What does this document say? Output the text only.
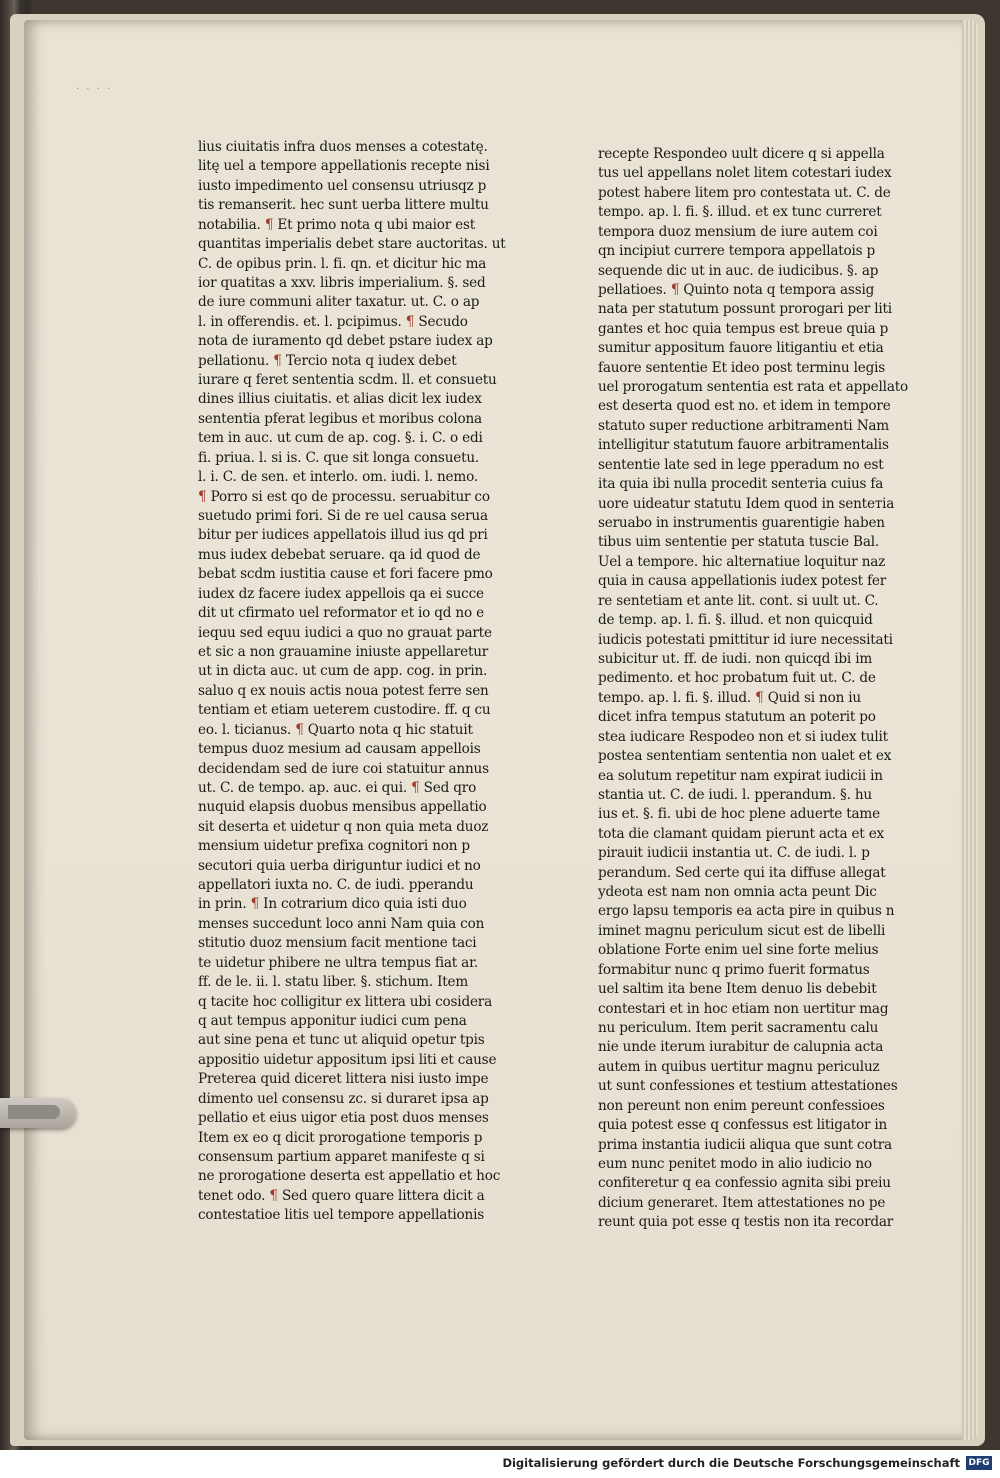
· · · ·
lius ciuitatis infra duos menses a cotestatę.
litę uel a tempore appellationis recepte nisi
iusto impedimento uel consensu utriusqz p
tis remanserit. hec sunt uerba littere multu
notabilia. ¶ Et primo nota q ubi maior est
quantitas imperialis debet stare auctoritas. ut
C. de opibus prin. l. fi. qn. et dicitur hic ma
ior quatitas a xxv. libris imperialium. §. sed
de iure communi aliter taxatur. ut. C. o ap
l. in offerendis. et. l. pcipimus. ¶ Secudo
nota de iuramento qd debet pstare iudex ap
pellationu. ¶ Tercio nota q iudex debet
iurare q feret sententia scdm. ll. et consuetu
dines illius ciuitatis. et alias dicit lex iudex
sententia pferat legibus et moribus colona
tem in auc. ut cum de ap. cog. §. i. C. o edi
fi. priua. l. si is. C. que sit longa consuetu.
l. i. C. de sen. et interlo. om. iudi. l. nemo.
¶ Porro si est qo de processu. seruabitur co
suetudo primi fori. Si de re uel causa serua
bitur per iudices appellatois illud ius qd pri
mus iudex debebat seruare. qa id quod de
bebat scdm iustitia cause et fori facere pmo
iudex dz facere iudex appellois qa ei succe
dit ut cfirmato uel reformator et io qd no e
iequu sed equu iudici a quo no grauat parte
et sic a non grauamine iniuste appellaretur
ut in dicta auc. ut cum de app. cog. in prin.
saluo q ex nouis actis noua potest ferre sen
tentiam et etiam ueterem custodire. ff. q cu
eo. l. ticianus. ¶ Quarto nota q hic statuit
tempus duoz mesium ad causam appellois
decidendam sed de iure coi statuitur annus
ut. C. de tempo. ap. auc. ei qui. ¶ Sed qro
nuquid elapsis duobus mensibus appellatio
sit deserta et uidetur q non quia meta duoz
mensium uidetur prefixa cognitori non p
secutori quia uerba diriguntur iudici et no
appellatori iuxta no. C. de iudi. pperandu
in prin. ¶ In cotrarium dico quia isti duo
menses succedunt loco anni Nam quia con
stitutio duoz mensium facit mentione taci
te uidetur phibere ne ultra tempus fiat ar.
ff. de le. ii. l. statu liber. §. stichum. Item
q tacite hoc colligitur ex littera ubi cosidera
q aut tempus apponitur iudici cum pena
aut sine pena et tunc ut aliquid opetur tpis
appositio uidetur appositum ipsi liti et cause
Preterea quid diceret littera nisi iusto impe
dimento uel consensu zc. si duraret ipsa ap
pellatio et eius uigor etia post duos menses
Item ex eo q dicit prorogatione temporis p
consensum partium apparet manifeste q si
ne prorogatione deserta est appellatio et hoc
tenet odo. ¶ Sed quero quare littera dicit a
contestatioe litis uel tempore appellationis
recepte Respondeo uult dicere q si appella
tus uel appellans nolet litem cotestari iudex
potest habere litem pro contestata ut. C. de
tempo. ap. l. fi. §. illud. et ex tunc curreret
tempora duoz mensium de iure autem coi
qn incipiut currere tempora appellatois p
sequende dic ut in auc. de iudicibus. §. ap
pellatioes. ¶ Quinto nota q tempora assig
nata per statutum possunt prorogari per liti
gantes et hoc quia tempus est breue quia p
sumitur appositum fauore litigantiu et etia
fauore sententie Et ideo post terminu legis
uel prorogatum sententia est rata et appellato
est deserta quod est no. et idem in tempore
statuto super reductione arbitramenti Nam
intelligitur statutum fauore arbitramentalis
sententie late sed in lege pperadum no est
ita quia ibi nulla procedit senteтia cuius fa
uore uideatur statutu Idem quod in senteтia
seruabo in instrumentis guarentigie haben
tibus uim sententie per statuta tuscie Bal.
Uel a tempore. hic alternatiue loquitur naz
quia in causa appellationis iudex potest fer
re sentetiam et ante lit. cont. si uult ut. C.
de temp. ap. l. fi. §. illud. et non quicquid
iudicis potestati pmittitur id iure necessitati
subicitur ut. ff. de iudi. non quicqd ibi im
pedimento. et hoc probatum fuit ut. C. de
tempo. ap. l. fi. §. illud. ¶ Quid si non iu
dicet infra tempus statutum an poterit po
stea iudicare Respodeo non et si iudex tulit
postea sententiam sententia non ualet et ex
ea solutum repetitur nam expirat iudicii in
stantia ut. C. de iudi. l. pperandum. §. hu
ius et. §. fi. ubi de hoc plene aduerte tame
tota die clamant quidam pierunt acta et ex
pirauit iudicii instantia ut. C. de iudi. l. p
perandum. Sed certe qui ita diffuse allegat
ydeota est nam non omnia acta peunt Dic
ergo lapsu temporis ea acta pire in quibus n
iminet magnu periculum sicut est de libelli
oblatione Forte enim uel sine forte melius
formabitur nunc q primo fuerit formatus
uel saltim ita bene Item denuo lis debebit
contestari et in hoc etiam non uertitur mag
nu periculum. Item perit sacramentu calu
nie unde iterum iurabitur de calupnia acta
autem in quibus uertitur magnu periculuz
ut sunt confessiones et testium attestationes
non pereunt non enim pereunt confessioes
quia potest esse q confessus est litigator in
prima instantia iudicii aliqua que sunt cotra
eum nunc penitet modo in alio iudicio no
confiteretur q ea confessio agnita sibi preiu
dicium generaret. Item attestationes no pe
reunt quia pot esse q testis non ita recordar
Digitalisierung gefördert durch die Deutsche Forschungsgemeinschaft DFG
